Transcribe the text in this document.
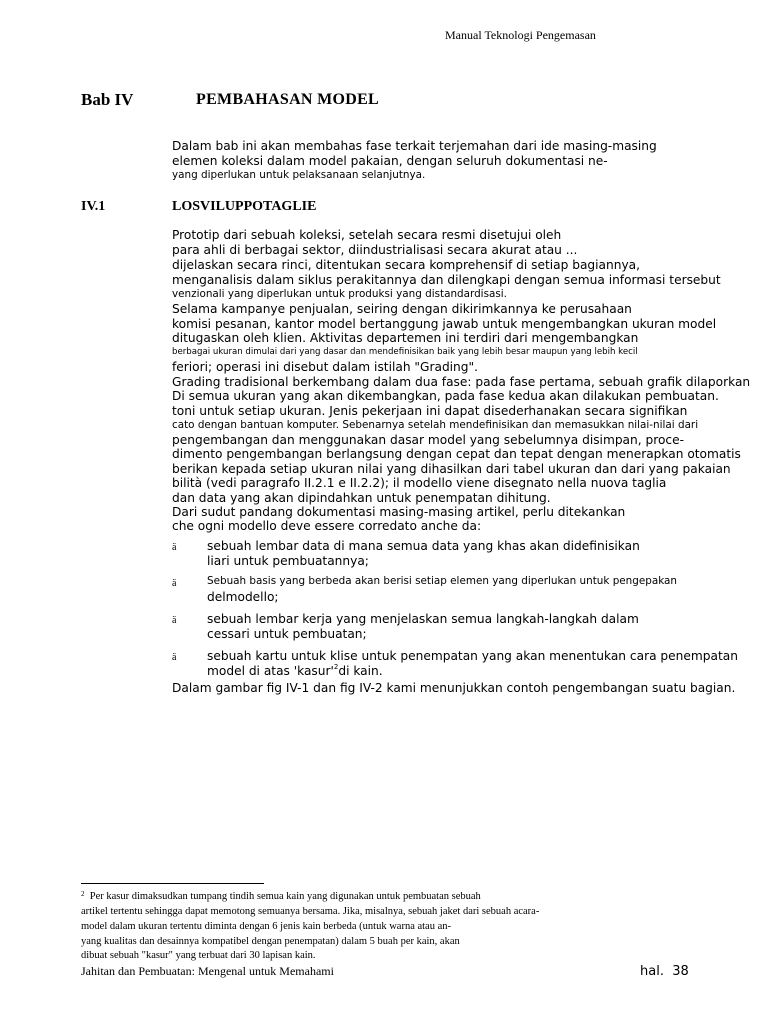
Manual Teknologi Pengemasan
Bab IV	PEMBAHASAN MODEL
Dalam bab ini akan membahas fase terkait terjemahan dari ide masing-masing
elemen koleksi dalam model pakaian, dengan seluruh dokumentasi ne-
yang diperlukan untuk pelaksanaan selanjutnya.
IV.1	LOSVILUPPOTAGLIE
Prototip dari sebuah koleksi, setelah secara resmi disetujui oleh
para ahli di berbagai sektor, diindustrialisasi secara akurat atau ...
dijelaskan secara rinci, ditentukan secara komprehensif di setiap bagiannya,
menganalisis dalam siklus perakitannya dan dilengkapi dengan semua informasi tersebut
venzionali yang diperlukan untuk produksi yang distandardisasi.
Selama kampanye penjualan, seiring dengan dikirimkannya ke perusahaan
komisi pesanan, kantor model bertanggung jawab untuk mengembangkan ukuran model
ditugaskan oleh klien. Aktivitas departemen ini terdiri dari mengembangkan
berbagai ukuran dimulai dari yang dasar dan mendefinisikan baik yang lebih besar maupun yang lebih kecil
feriori; operasi ini disebut dalam istilah "Grading".
Grading tradisional berkembang dalam dua fase: pada fase pertama, sebuah grafik dilaporkan
Di semua ukuran yang akan dikembangkan, pada fase kedua akan dilakukan pembuatan.
toni untuk setiap ukuran. Jenis pekerjaan ini dapat disederhanakan secara signifikan
cato dengan bantuan komputer. Sebenarnya setelah mendefinisikan dan memasukkan nilai-nilai dari
pengembangan dan menggunakan dasar model yang sebelumnya disimpan, proce-
dimento pengembangan berlangsung dengan cepat dan tepat dengan menerapkan otomatis
berikan kepada setiap ukuran nilai yang dihasilkan dari tabel ukuran dan dari yang pakaian
bilità (vedi paragrafo II.2.1 e II.2.2); il modello viene disegnato nella nuova taglia
dan data yang akan dipindahkan untuk penempatan dihitung.
Dari sudut pandang dokumentasi masing-masing artikel, perlu ditekankan
che ogni modello deve essere corredato anche da:
ä	sebuah lembar data di mana semua data yang khas akan didefinisikan
liari untuk pembuatannya;
ä	Sebuah basis yang berbeda akan berisi setiap elemen yang diperlukan untuk pengepakan
delmodello;
ä	sebuah lembar kerja yang menjelaskan semua langkah-langkah dalam
cessari untuk pembuatan;
ä	sebuah kartu untuk klise untuk penempatan yang akan menentukan cara penempatan
model di atas '$kasur'^2di$ kain.
Dalam gambar fig IV-1 dan fig IV-2 kami menunjukkan contoh pengembangan suatu bagian.
$^2$ Per kasur dimaksudkan tumpang tindih semua kain yang digunakan untuk pembuatan sebuah
artikel tertentu sehingga dapat memotong semuanya bersama. Jika, misalnya, sebuah jaket dari sebuah acara-
model dalam ukuran tertentu diminta dengan 6 jenis kain berbeda (untuk warna atau an-
yang kualitas dan desainnya kompatibel dengan penempatan) dalam 5 buah per kain, akan
dibuat sebuah "kasur" yang terbuat dari 30 lapisan kain.
Jahitan dan Pembuatan: Mengenal untuk Memahami	hal. 38
